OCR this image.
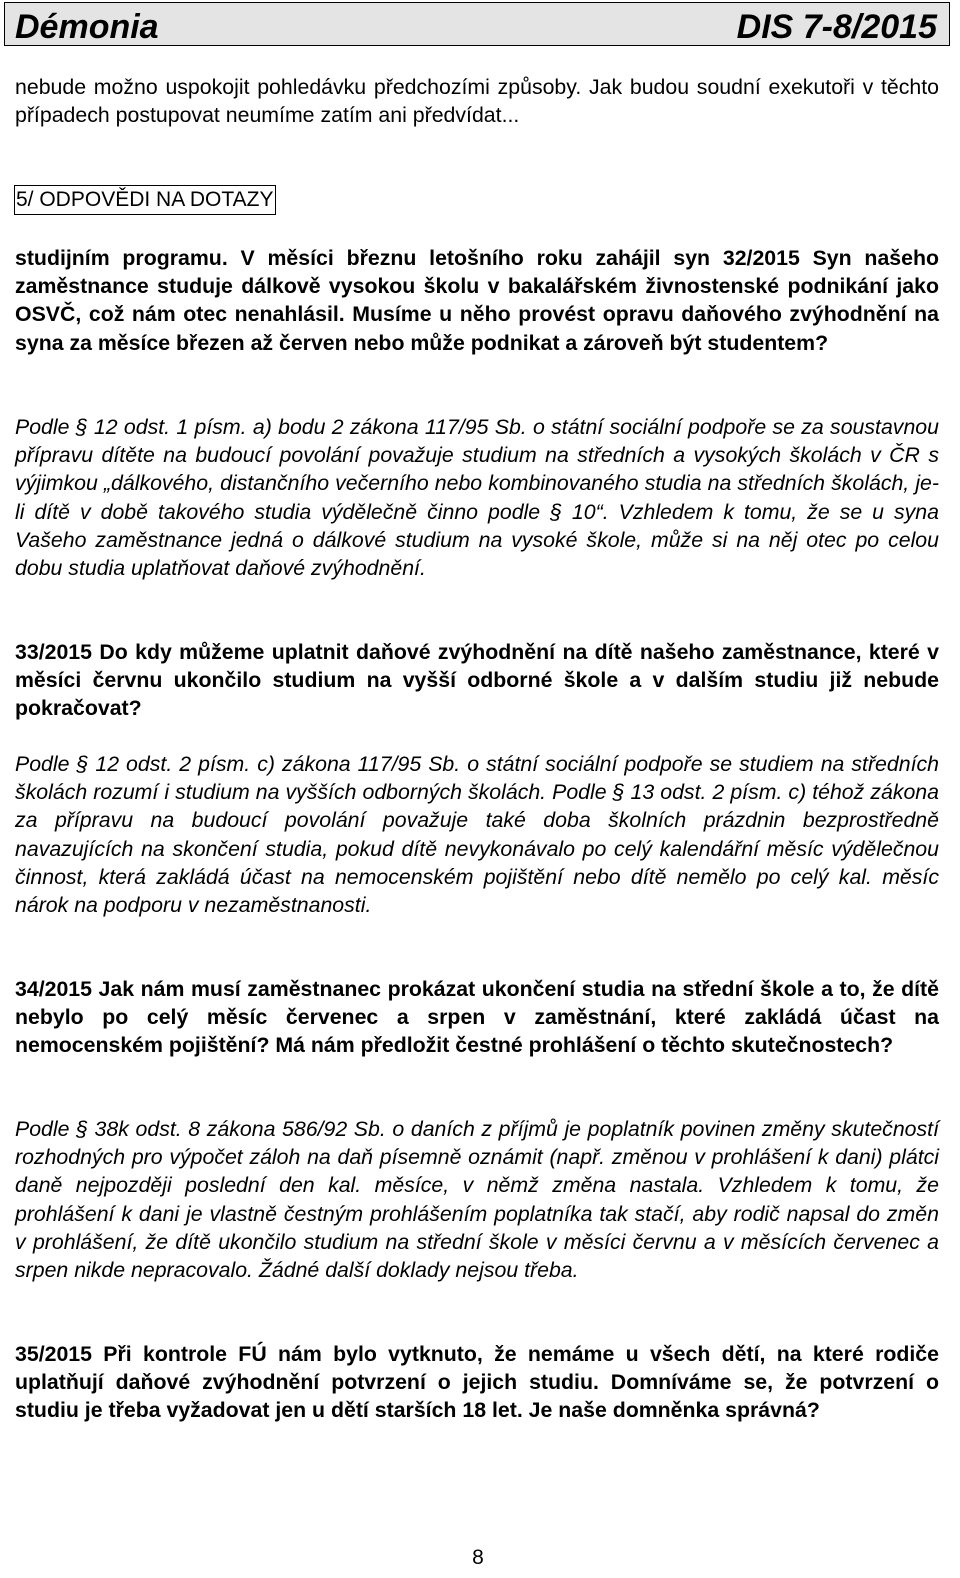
Démonia	DIS 7-8/2015

nebude možno uspokojit pohledávku předchozími způsoby. Jak budou soudní exekutoři v těchto případech postupovat neumíme zatím ani předvídat...

5/ ODPOVĚDI NA DOTAZY

studijním programu. V měsíci březnu letošního roku zahájil syn 32/2015 Syn našeho zaměstnance studuje dálkově vysokou školu v bakalářském živnostenské podnikání jako OSVČ, což nám otec nenahlásil. Musíme u něho provést opravu daňového zvýhodnění na syna za měsíce březen až červen nebo může podnikat a zároveň být studentem?

Podle § 12 odst. 1 písm. a) bodu 2 zákona 117/95 Sb. o státní sociální podpoře se za soustavnou přípravu dítěte na budoucí povolání považuje studium na středních a vysokých školách v ČR s výjimkou „dálkového, distančního večerního nebo kombinovaného studia na středních školách, je-li dítě v době takového studia výdělečně činno podle § 10“. Vzhledem k tomu, že se u syna Vašeho zaměstnance jedná o dálkové studium na vysoké škole, může si na něj otec po celou dobu studia uplatňovat daňové zvýhodnění.

33/2015 Do kdy můžeme uplatnit daňové zvýhodnění na dítě našeho zaměstnance, které v měsíci červnu ukončilo studium na vyšší odborné škole a v dalším studiu již nebude pokračovat?

Podle § 12 odst. 2 písm. c) zákona 117/95 Sb. o státní sociální podpoře se studiem na středních školách rozumí i studium na vyšších odborných školách. Podle § 13 odst. 2 písm. c) téhož zákona za přípravu na budoucí povolání považuje také doba školních prázdnin bezprostředně navazujících na skončení studia, pokud dítě nevykonávalo po celý kalendářní měsíc výdělečnou činnost, která zakládá účast na nemocenském pojištění nebo dítě nemělo po celý kal. měsíc nárok na podporu v nezaměstnanosti.

34/2015 Jak nám musí zaměstnanec prokázat ukončení studia na střední škole a to, že dítě nebylo po celý měsíc červenec a srpen v zaměstnání, které zakládá účast na nemocenském pojištění? Má nám předložit čestné prohlášení o těchto skutečnostech?

Podle § 38k odst. 8 zákona 586/92 Sb. o daních z příjmů je poplatník povinen změny skutečností rozhodných pro výpočet záloh na daň písemně oznámit (např. změnou v prohlášení k dani) plátci daně nejpozději poslední den kal. měsíce, v němž změna nastala. Vzhledem k tomu, že prohlášení k dani je vlastně čestným prohlášením poplatníka tak stačí, aby rodič napsal do změn v prohlášení, že dítě ukončilo studium na střední škole v měsíci červnu a v měsících červenec a srpen nikde nepracovalo. Žádné další doklady nejsou třeba.

35/2015 Při kontrole FÚ nám bylo vytknuto, že nemáme u všech dětí, na které rodiče uplatňují daňové zvýhodnění potvrzení o jejich studiu. Domníváme se, že potvrzení o studiu je třeba vyžadovat jen u dětí starších 18 let. Je naše domněnka správná?

8
